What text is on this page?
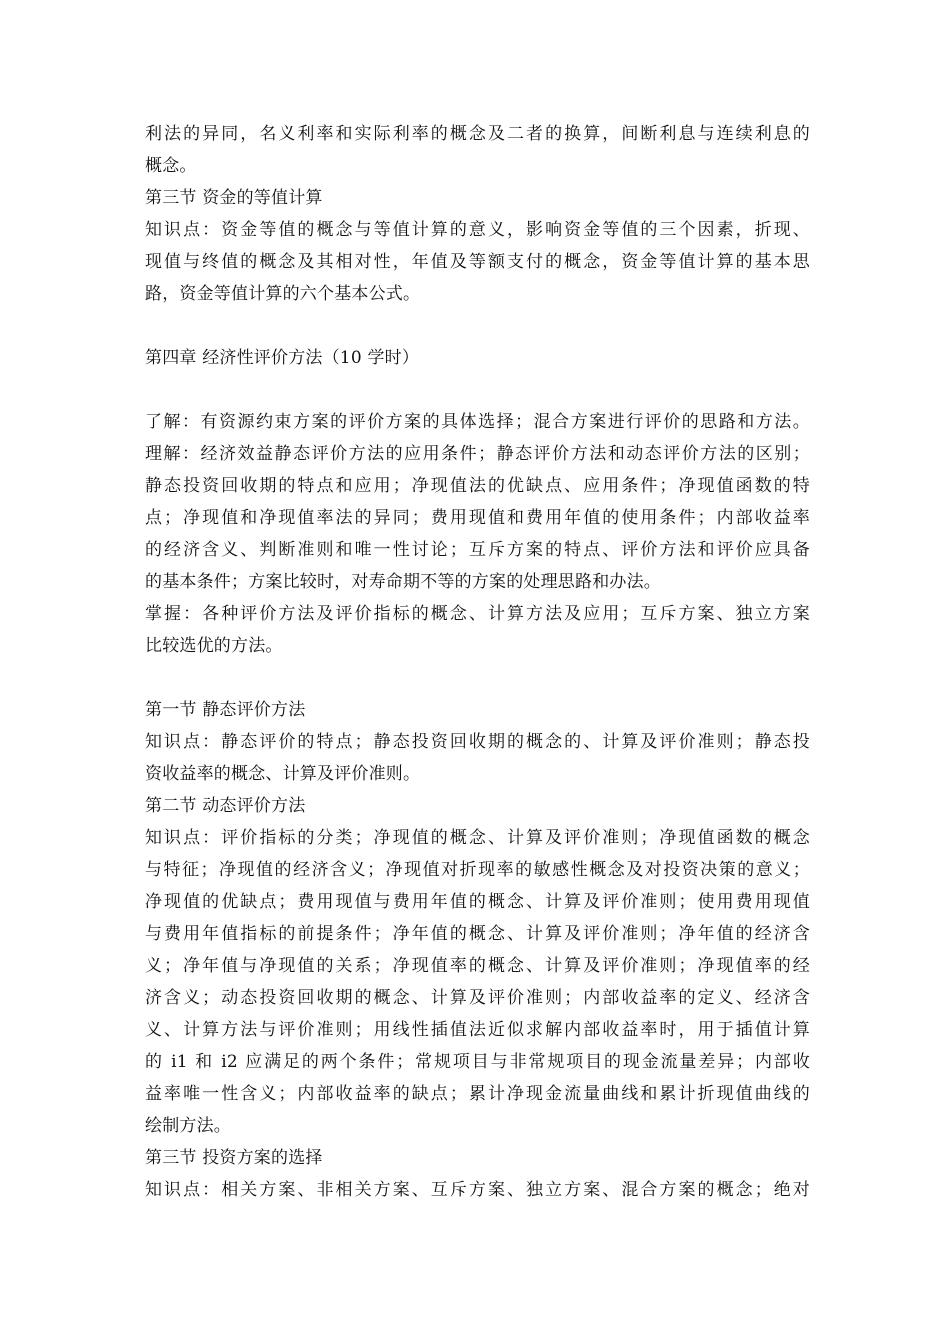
利法的异同，名义利率和实际利率的概念及二者的换算，间断利息与连续利息的
概念。
第三节 资金的等值计算
知识点：资金等值的概念与等值计算的意义，影响资金等值的三个因素，折现、
现值与终值的概念及其相对性，年值及等额支付的概念，资金等值计算的基本思
路，资金等值计算的六个基本公式。
第四章 经济性评价方法（10 学时）
了解：有资源约束方案的评价方案的具体选择；混合方案进行评价的思路和方法。
理解：经济效益静态评价方法的应用条件；静态评价方法和动态评价方法的区别；
静态投资回收期的特点和应用；净现值法的优缺点、应用条件；净现值函数的特
点；净现值和净现值率法的异同；费用现值和费用年值的使用条件；内部收益率
的经济含义、判断准则和唯一性讨论；互斥方案的特点、评价方法和评价应具备
的基本条件；方案比较时，对寿命期不等的方案的处理思路和办法。
掌握：各种评价方法及评价指标的概念、计算方法及应用；互斥方案、独立方案
比较选优的方法。
第一节 静态评价方法
知识点：静态评价的特点；静态投资回收期的概念的、计算及评价准则；静态投
资收益率的概念、计算及评价准则。
第二节 动态评价方法
知识点：评价指标的分类；净现值的概念、计算及评价准则；净现值函数的概念
与特征；净现值的经济含义；净现值对折现率的敏感性概念及对投资决策的意义；
净现值的优缺点；费用现值与费用年值的概念、计算及评价准则；使用费用现值
与费用年值指标的前提条件；净年值的概念、计算及评价准则；净年值的经济含
义；净年值与净现值的关系；净现值率的概念、计算及评价准则；净现值率的经
济含义；动态投资回收期的概念、计算及评价准则；内部收益率的定义、经济含
义、计算方法与评价准则；用线性插值法近似求解内部收益率时，用于插值计算
的 i1 和 i2 应满足的两个条件；常规项目与非常规项目的现金流量差异；内部收
益率唯一性含义；内部收益率的缺点；累计净现金流量曲线和累计折现值曲线的
绘制方法。
第三节 投资方案的选择
知识点：相关方案、非相关方案、互斥方案、独立方案、混合方案的概念；绝对
